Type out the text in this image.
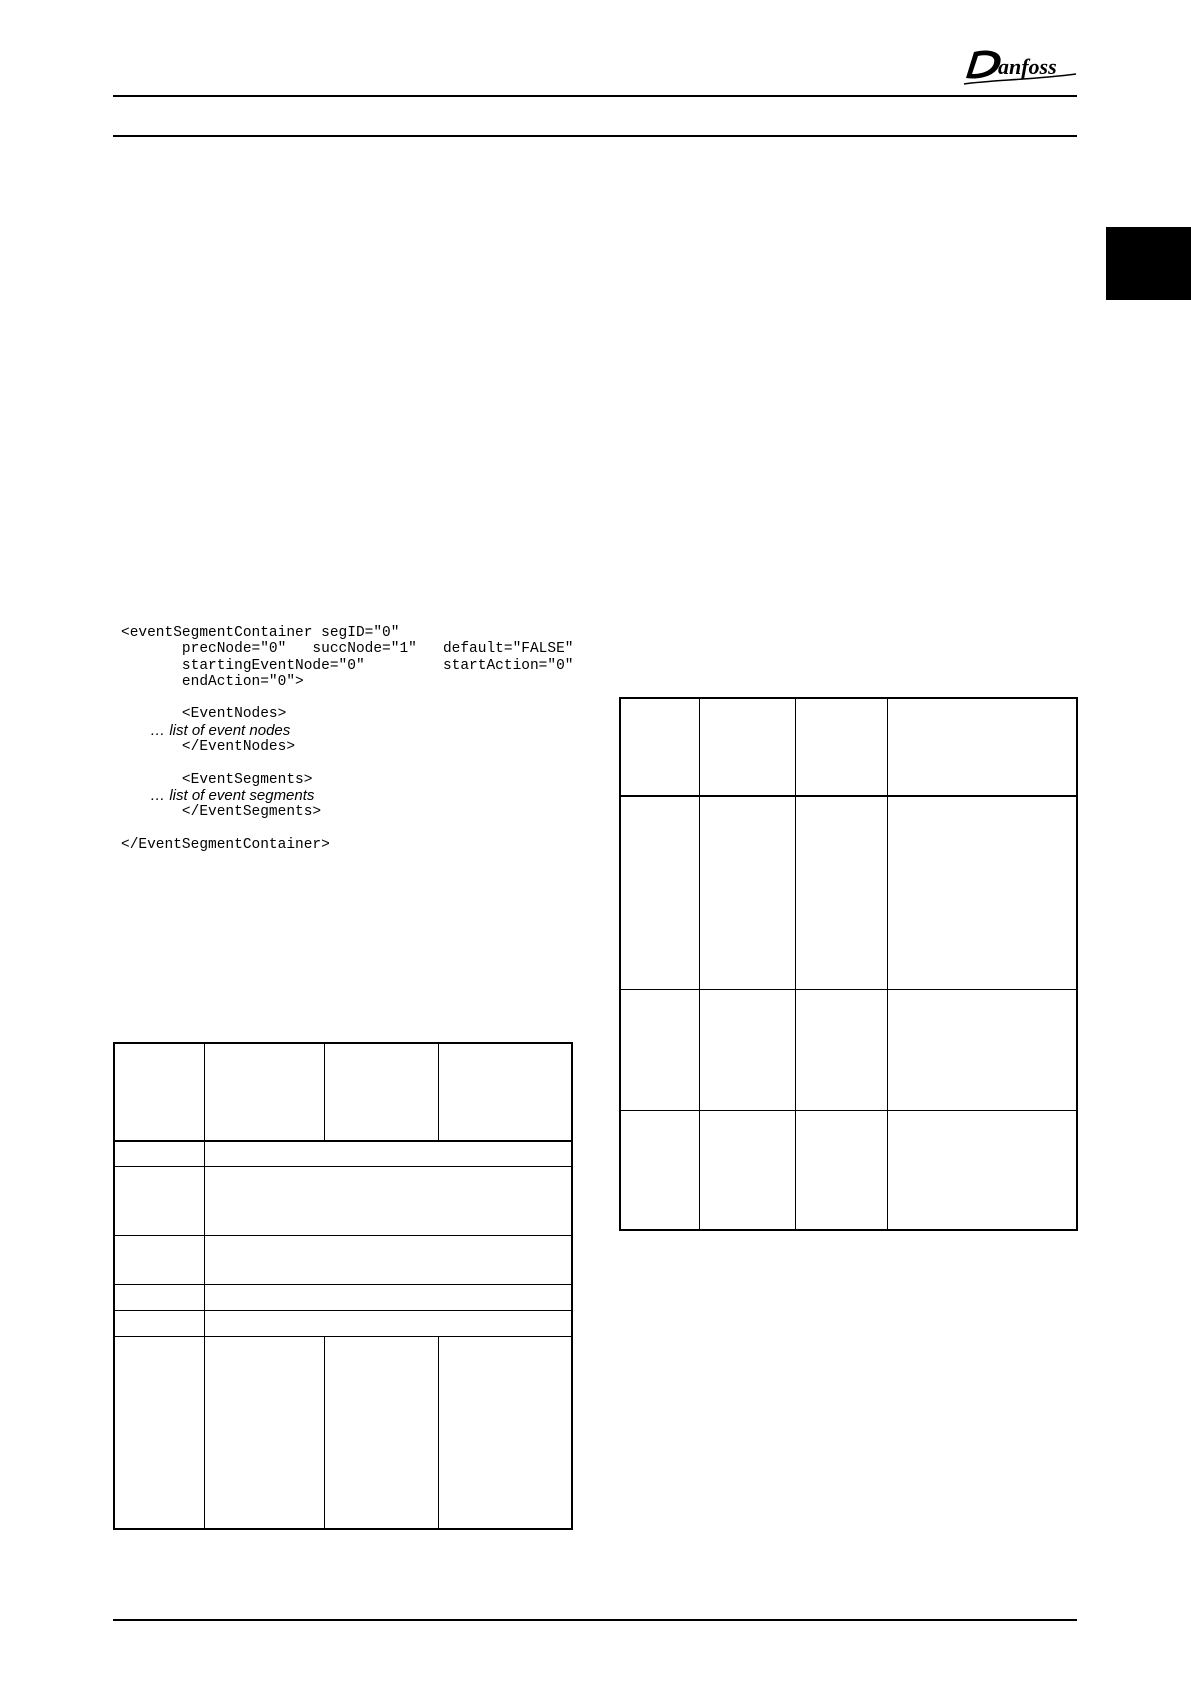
anfoss
<eventSegmentContainer segID="0"
precNode="0"   succNode="1"   default="FALSE"
startingEventNode="0"         startAction="0"
endAction="0">
<EventNodes>
… list of event nodes
</EventNodes>
<EventSegments>
… list of event segments
</EventSegments>
</EventSegmentContainer>
